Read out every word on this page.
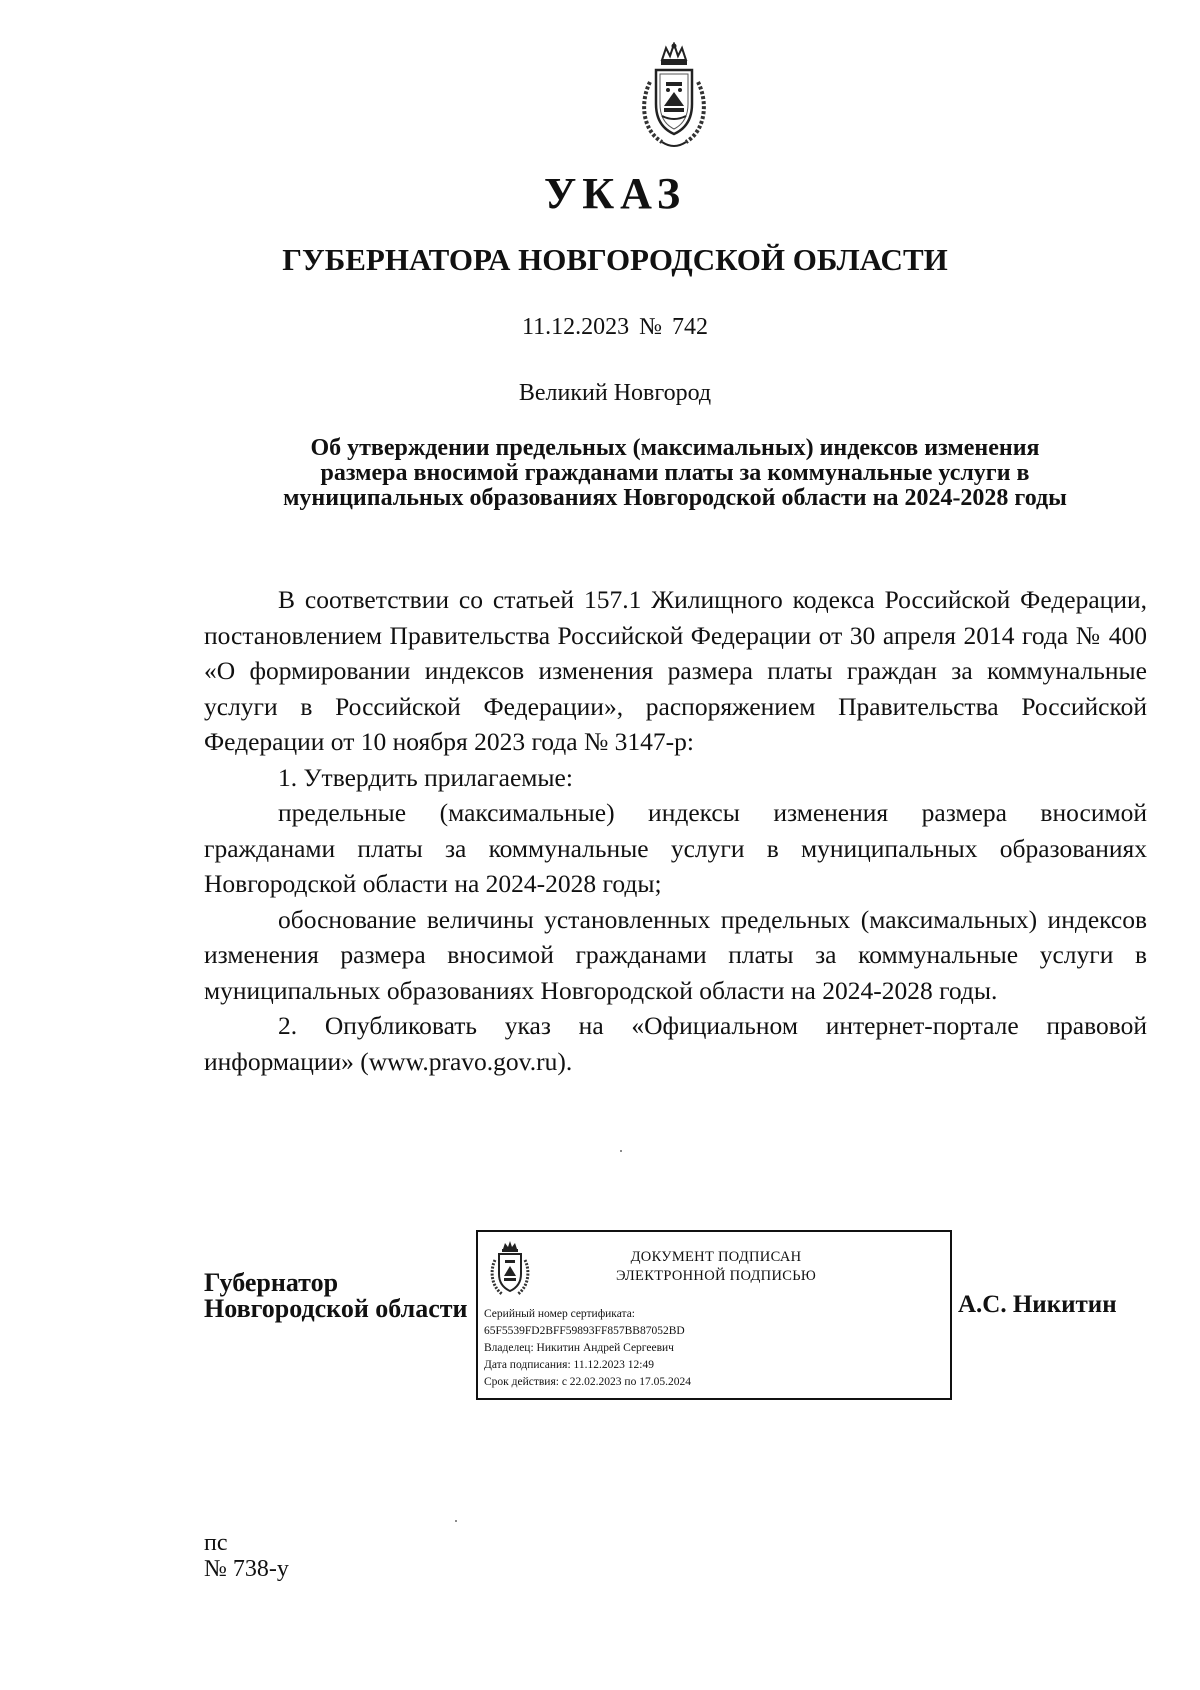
УКАЗ
ГУБЕРНАТОРА НОВГОРОДСКОЙ ОБЛАСТИ
11.12.2023 № 742
Великий Новгород
Об утверждении предельных (максимальных) индексов изменения
размера вносимой гражданами платы за коммунальные услуги в
муниципальных образованиях Новгородской области на 2024-2028 годы

В соответствии со статьей 157.1 Жилищного кодекса Российской Федерации, постановлением Правительства Российской Федерации от 30 апреля 2014 года № 400 «О формировании индексов изменения размера платы граждан за коммунальные услуги в Российской Федерации», распоряжением Правительства Российской Федерации от 10 ноября 2023 года № 3147-р:

1. Утвердить прилагаемые:

предельные (максимальные) индексы изменения размера вносимой гражданами платы за коммунальные услуги в муниципальных образованиях Новгородской области на 2024-2028 годы;

обоснование величины установленных предельных (максимальных) индексов изменения размера вносимой гражданами платы за коммунальные услуги в муниципальных образованиях Новгородской области на 2024-2028 годы.

2. Опубликовать указ на «Официальном интернет-портале правовой информации» (www.pravo.gov.ru).

Губернатор
Новгородской области
ДОКУМЕНТ ПОДПИСАН
ЭЛЕКТРОННОЙ ПОДПИСЬЮ
Серийный номер сертификата:
65F5539FD2BFF59893FF857BB87052BD
Владелец: Никитин Андрей Сергеевич
Дата подписания: 11.12.2023 12:49
Срок действия: с 22.02.2023 по 17.05.2024
А.С. Никитин
пс
№ 738-у
